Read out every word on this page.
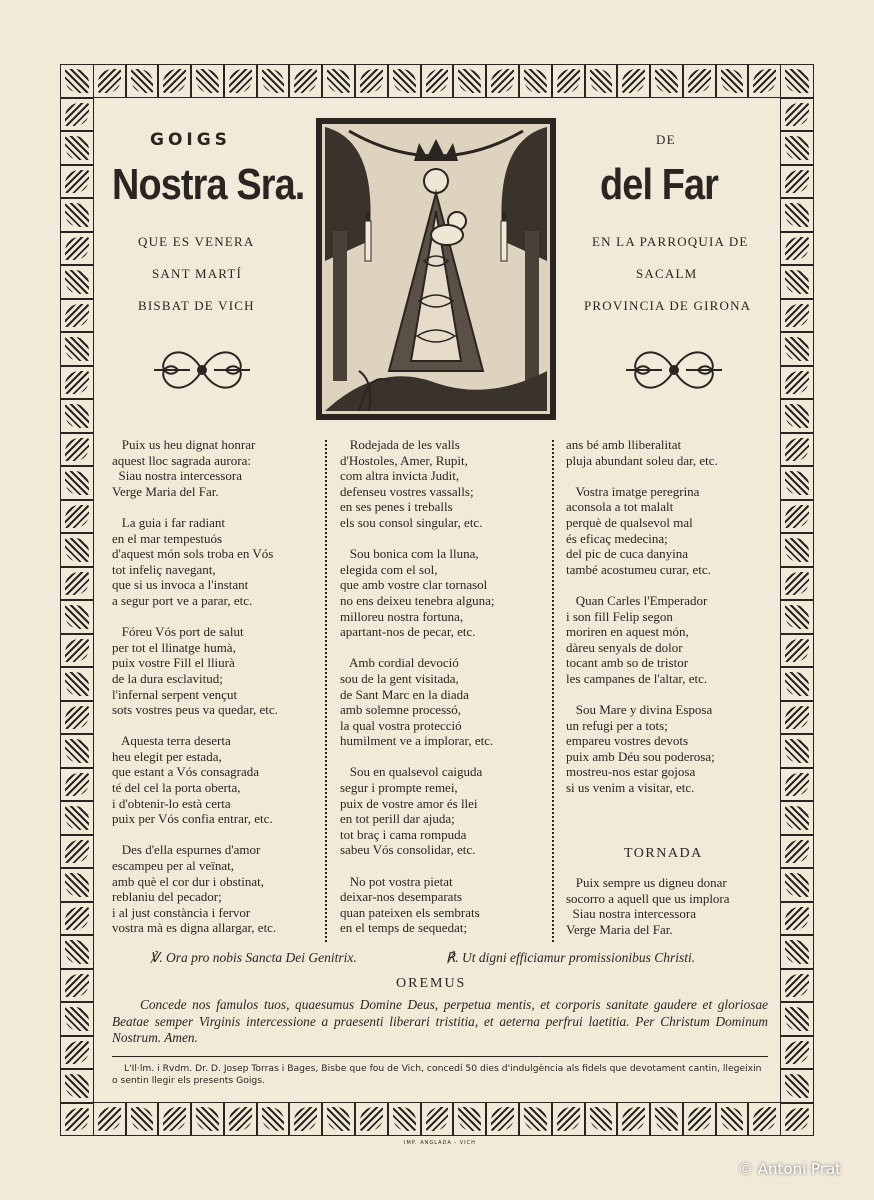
GOIGS	DE
Nostra Sra.	del Far
QUE ES VENERA
SANT MARTÍ
BISBAT DE VICH
EN LA PARROQUIA DE
SACALM
PROVINCIA DE GIRONA
Puix us heu dignat honrar
aquest lloc sagrada aurora:
Siau nostra intercessora
Verge Maria del Far.

La guia i far radiant
en el mar tempestuós
d'aquest món sols troba en Vós
tot infeliç navegant,
que si us invoca a l'instant
a segur port ve a parar, etc.

Fóreu Vós port de salut
per tot el llinatge humà,
puix vostre Fill el lliurà
de la dura esclavitud;
l'infernal serpent vençut
sots vostres peus va quedar, etc.

Aquesta terra deserta
heu elegit per estada,
que estant a Vós consagrada
té del cel la porta oberta,
i d'obtenir-lo està certa
puix per Vós confia entrar, etc.

Des d'ella espurnes d'amor
escampeu per al veïnat,
amb què el cor dur i obstinat,
reblaniu del pecador;
i al just constància i fervor
vostra mà es digna allargar, etc.
Rodejada de les valls
d'Hostoles, Amer, Rupit,
com altra invicta Judit,
defenseu vostres vassalls;
en ses penes i treballs
els sou consol singular, etc.

Sou bonica com la lluna,
elegida com el sol,
que amb vostre clar tornasol
no ens deixeu tenebra alguna;
milloreu nostra fortuna,
apartant-nos de pecar, etc.

Amb cordial devoció
sou de la gent visitada,
de Sant Marc en la diada
amb solemne processó,
la qual vostra protecció
humilment ve a implorar, etc.

Sou en qualsevol caiguda
segur i prompte remei,
puix de vostre amor és llei
en tot perill dar ajuda;
tot braç i cama rompuda
sabeu Vós consolidar, etc.

No pot vostra pietat
deixar-nos desemparats
quan pateixen els sembrats
en el temps de sequedat;
ans bé amb lliberalitat
pluja abundant soleu dar, etc.

Vostra imatge peregrina
aconsola a tot malalt
perquè de qualsevol mal
és eficaç medecina;
del pic de cuca danyina
també acostumeu curar, etc.

Quan Carles l'Emperador
i son fill Felip segon
moriren en aquest món,
dàreu senyals de dolor
tocant amb so de tristor
les campanes de l'altar, etc.

Sou Mare y divina Esposa
un refugi per a tots;
empareu vostres devots
puix amb Déu sou poderosa;
mostreu-nos estar gojosa
si us venim a visitar, etc.
TORNADA
Puix sempre us digneu donar
socorro a aquell que us implora
Siau nostra intercessora
Verge Maria del Far.
℣. Ora pro nobis Sancta Dei Genitrix.	℟. Ut digni efficiamur promissionibus Christi.
OREMUS
Concede nos famulos tuos, quaesumus Domine Deus, perpetua mentis, et corporis sanitate gaudere et gloriosae Beatae semper Virginis intercessione a praesenti liberari tristitia, et aeterna perfrui laetitia. Per Christum Dominum Nostrum. Amen.
L'Il·lm. i Rvdm. Dr. D. Josep Torras i Bages, Bisbe que fou de Vich, concedí 50 dies d'indulgència als fidels que devotament cantin, llegeixin o sentin llegir els presents Goigs.
IMP. ANGLADA - VICH
© Antoni Prat
